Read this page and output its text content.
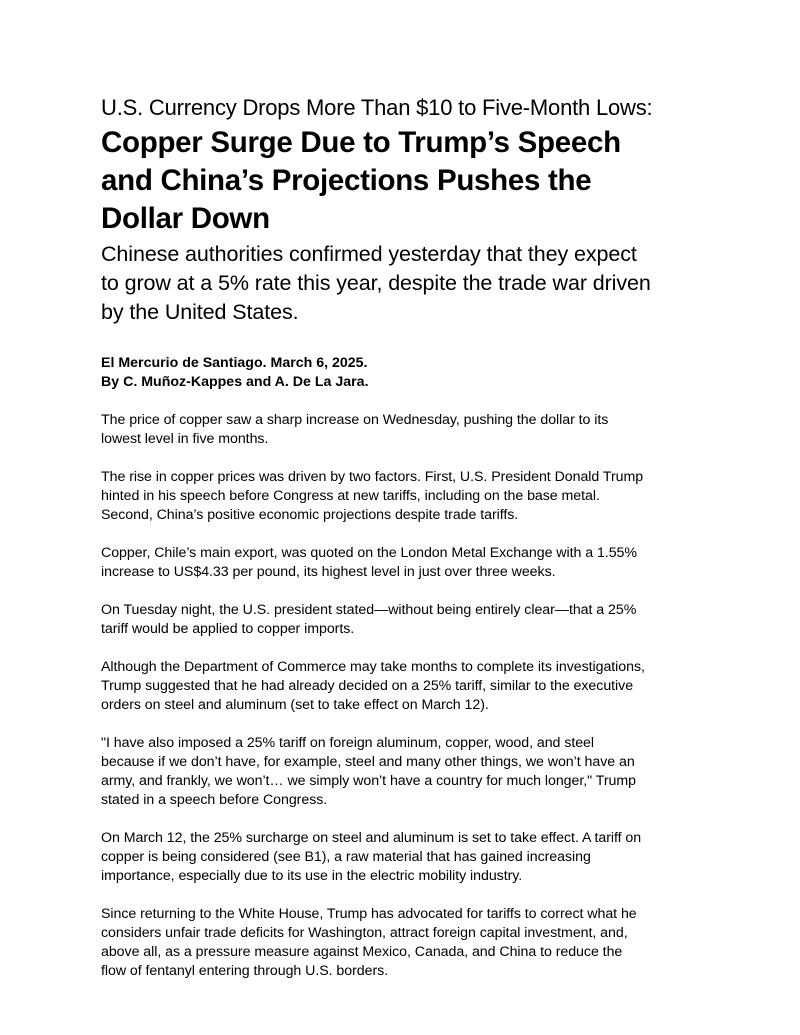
U.S. Currency Drops More Than $10 to Five-Month Lows:
Copper Surge Due to Trump’s Speech
and China’s Projections Pushes the
Dollar Down
Chinese authorities confirmed yesterday that they expect
to grow at a 5% rate this year, despite the trade war driven
by the United States.
El Mercurio de Santiago. March 6, 2025.
By C. Muñoz-Kappes and A. De La Jara.

The price of copper saw a sharp increase on Wednesday, pushing the dollar to its
lowest level in five months.

The rise in copper prices was driven by two factors. First, U.S. President Donald Trump
hinted in his speech before Congress at new tariffs, including on the base metal.
Second, China’s positive economic projections despite trade tariffs.

Copper, Chile’s main export, was quoted on the London Metal Exchange with a 1.55%
increase to US$4.33 per pound, its highest level in just over three weeks.

On Tuesday night, the U.S. president stated—without being entirely clear—that a 25%
tariff would be applied to copper imports.

Although the Department of Commerce may take months to complete its investigations,
Trump suggested that he had already decided on a 25% tariff, similar to the executive
orders on steel and aluminum (set to take effect on March 12).

"I have also imposed a 25% tariff on foreign aluminum, copper, wood, and steel
because if we don’t have, for example, steel and many other things, we won’t have an
army, and frankly, we won’t… we simply won’t have a country for much longer," Trump
stated in a speech before Congress.

On March 12, the 25% surcharge on steel and aluminum is set to take effect. A tariff on
copper is being considered (see B1), a raw material that has gained increasing
importance, especially due to its use in the electric mobility industry.

Since returning to the White House, Trump has advocated for tariffs to correct what he
considers unfair trade deficits for Washington, attract foreign capital investment, and,
above all, as a pressure measure against Mexico, Canada, and China to reduce the
flow of fentanyl entering through U.S. borders.
